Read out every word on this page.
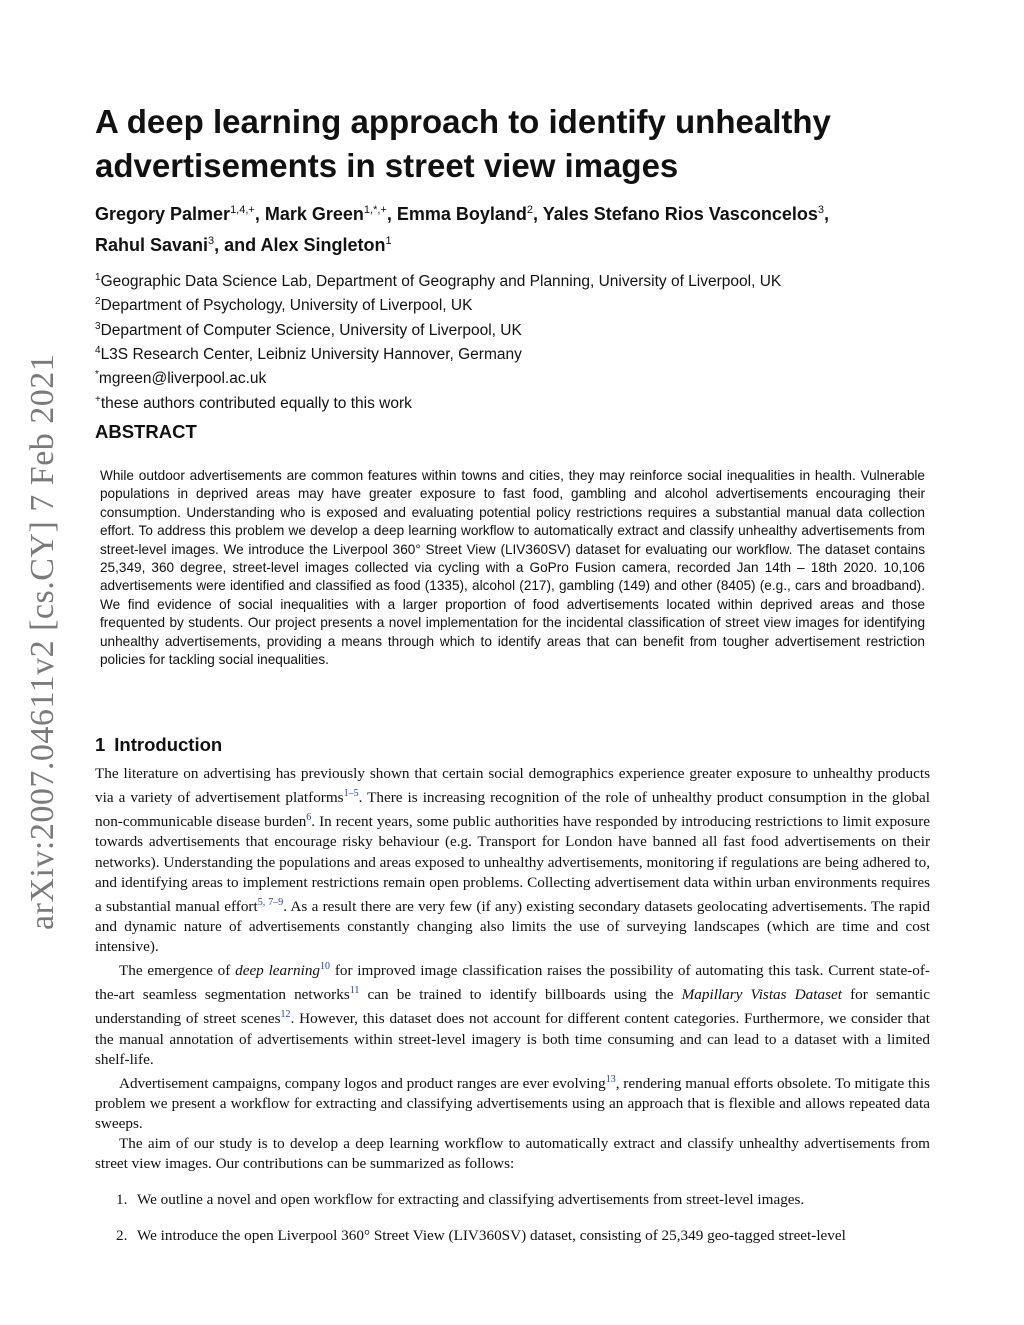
arXiv:2007.04611v2 [cs.CY] 7 Feb 2021
A deep learning approach to identify unhealthy advertisements in street view images
Gregory Palmer$^{1,4,+}$, Mark Green$^{1,*,+}$, Emma Boyland$^2$, Yales Stefano Rios Vasconcelos$^3$,
Rahul Savani$^3$, and Alex Singleton$^1$
$^1$Geographic Data Science Lab, Department of Geography and Planning, University of Liverpool, UK
$^2$Department of Psychology, University of Liverpool, UK
$^3$Department of Computer Science, University of Liverpool, UK
$^4$L3S Research Center, Leibniz University Hannover, Germany
*mgreen@liverpool.ac.uk
+these authors contributed equally to this work
ABSTRACT

While outdoor advertisements are common features within towns and cities, they may reinforce social inequalities in health. Vulnerable populations in deprived areas may have greater exposure to fast food, gambling and alcohol advertisements encouraging their consumption. Understanding who is exposed and evaluating potential policy restrictions requires a substantial manual data collection effort. To address this problem we develop a deep learning workflow to automatically extract and classify unhealthy advertisements from street-level images. We introduce the Liverpool 360° Street View (LIV360SV) dataset for evaluating our workflow. The dataset contains 25,349, 360 degree, street-level images collected via cycling with a GoPro Fusion camera, recorded Jan 14th – 18th 2020. 10,106 advertisements were identified and classified as food (1335), alcohol (217), gambling (149) and other (8405) (e.g., cars and broadband). We find evidence of social inequalities with a larger proportion of food advertisements located within deprived areas and those frequented by students. Our project presents a novel implementation for the incidental classification of street view images for identifying unhealthy advertisements, providing a means through which to identify areas that can benefit from tougher advertisement restriction policies for tackling social inequalities.

1 Introduction

The literature on advertising has previously shown that certain social demographics experience greater exposure to unhealthy products via a variety of advertisement platforms$^{1-5}$. There is increasing recognition of the role of unhealthy product consumption in the global non-communicable disease burden$^6$. In recent years, some public authorities have responded by introducing restrictions to limit exposure towards advertisements that encourage risky behaviour (e.g. Transport for London have banned all fast food advertisements on their networks). Understanding the populations and areas exposed to unhealthy advertisements, monitoring if regulations are being adhered to, and identifying areas to implement restrictions remain open problems. Collecting advertisement data within urban environments requires a substantial manual effort$^{5, 7-9}$. As a result there are very few (if any) existing secondary datasets geolocating advertisements. The rapid and dynamic nature of advertisements constantly changing also limits the use of surveying landscapes (which are time and cost intensive).

The emergence of deep learning$^{10}$ for improved image classification raises the possibility of automating this task. Current state-of-the-art seamless segmentation networks$^{11}$ can be trained to identify billboards using the Mapillary Vistas Dataset for semantic understanding of street scenes$^{12}$. However, this dataset does not account for different content categories. Furthermore, we consider that the manual annotation of advertisements within street-level imagery is both time consuming and can lead to a dataset with a limited shelf-life.

Advertisement campaigns, company logos and product ranges are ever evolving$^{13}$, rendering manual efforts obsolete. To mitigate this problem we present a workflow for extracting and classifying advertisements using an approach that is flexible and allows repeated data sweeps.

The aim of our study is to develop a deep learning workflow to automatically extract and classify unhealthy advertisements from street view images. Our contributions can be summarized as follows:

1. We outline a novel and open workflow for extracting and classifying advertisements from street-level images.
2. We introduce the open Liverpool 360° Street View (LIV360SV) dataset, consisting of 25,349 geo-tagged street-level
